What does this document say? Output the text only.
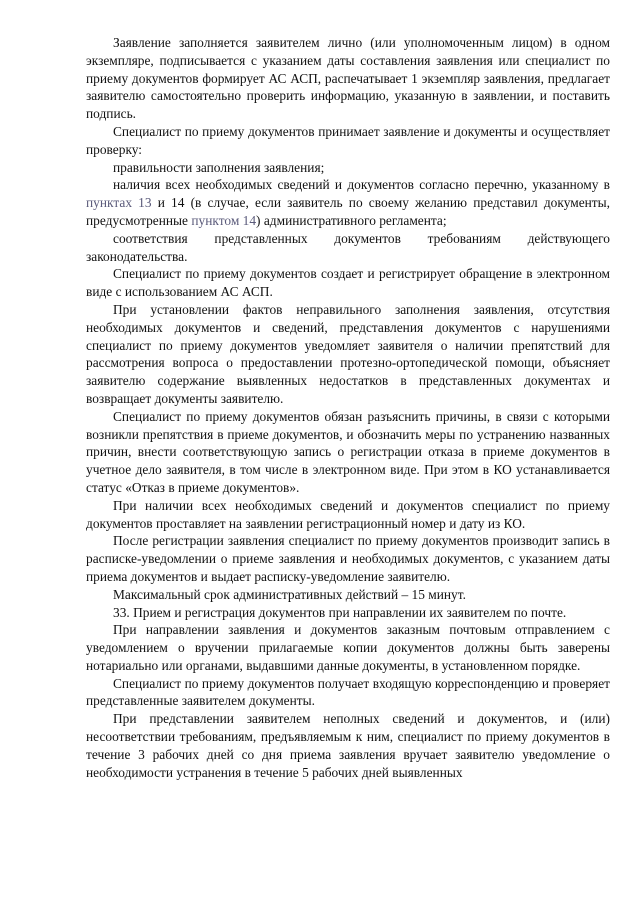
Заявление заполняется заявителем лично (или уполномоченным лицом) в одном экземпляре, подписывается с указанием даты составления заявления или специалист по приему документов формирует АС АСП, распечатывает 1 экземпляр заявления, предлагает заявителю самостоятельно проверить информацию, указанную в заявлении, и поставить подпись.

Специалист по приему документов принимает заявление и документы и осуществляет проверку:

правильности заполнения заявления;

наличия всех необходимых сведений и документов согласно перечню, указанному в пунктах 13 и 14 (в случае, если заявитель по своему желанию представил документы, предусмотренные пунктом 14) административного регламента;

соответствия представленных документов требованиям действующего законодательства.

Специалист по приему документов создает и регистрирует обращение в электронном виде с использованием АС АСП.

При установлении фактов неправильного заполнения заявления, отсутствия необходимых документов и сведений, представления документов с нарушениями специалист по приему документов уведомляет заявителя о наличии препятствий для рассмотрения вопроса о предоставлении протезно-ортопедической помощи, объясняет заявителю содержание выявленных недостатков в представленных документах и возвращает документы заявителю.

Специалист по приему документов обязан разъяснить причины, в связи с которыми возникли препятствия в приеме документов, и обозначить меры по устранению названных причин, внести соответствующую запись о регистрации отказа в приеме документов в учетное дело заявителя, в том числе в электронном виде. При этом в КО устанавливается статус «Отказ в приеме документов».

При наличии всех необходимых сведений и документов специалист по приему документов проставляет на заявлении регистрационный номер и дату из КО.

После регистрации заявления специалист по приему документов производит запись в расписке-уведомлении о приеме заявления и необходимых документов, с указанием даты приема документов и выдает расписку-уведомление заявителю.

Максимальный срок административных действий – 15 минут.

33. Прием и регистрация документов при направлении их заявителем по почте.

При направлении заявления и документов заказным почтовым отправлением с уведомлением о вручении прилагаемые копии документов должны быть заверены нотариально или органами, выдавшими данные документы, в установленном порядке.

Специалист по приему документов получает входящую корреспонденцию и проверяет представленные заявителем документы.

При представлении заявителем неполных сведений и документов, и (или) несоответствии требованиям, предъявляемым к ним, специалист по приему документов в течение 3 рабочих дней со дня приема заявления вручает заявителю уведомление о необходимости устранения в течение 5 рабочих дней выявленных
